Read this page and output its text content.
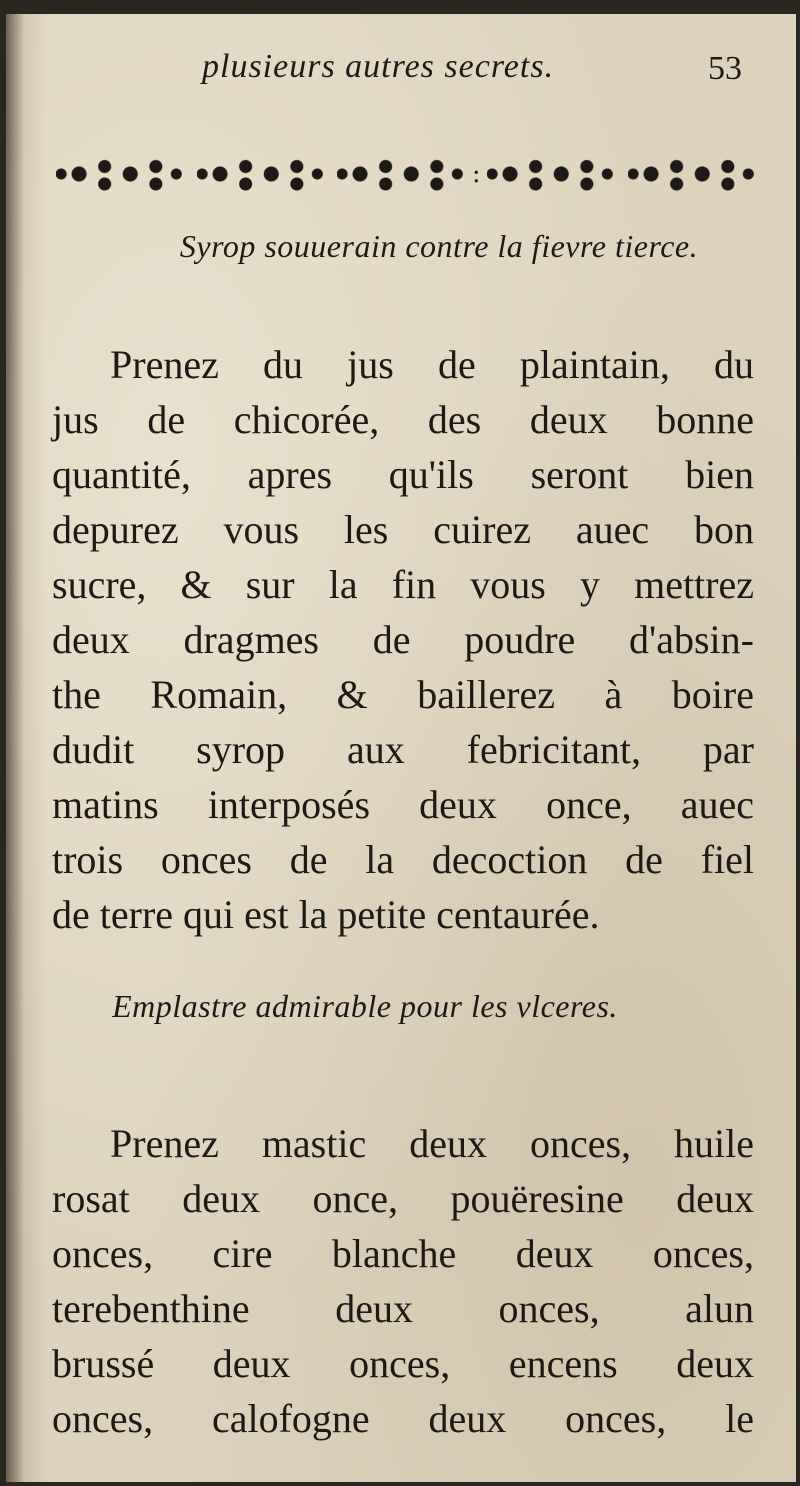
plusieurs autres secrets.	53
:
Syrop souuerain contre la fievre tierce.
Prenez du jus de plaintain, du
jus de chicorée, des deux bonne
quantité, apres qu'ils seront bien
depurez vous les cuirez auec bon
sucre, & sur la fin vous y mettrez
deux dragmes de poudre d'absin-
the Romain, & baillerez à boire
dudit syrop aux febricitant, par
matins interposés deux once, auec
trois onces de la decoction de fiel
de terre qui est la petite centaurée.
Emplastre admirable pour les vlceres.
Prenez mastic deux onces, huile
rosat deux once, pouëresine deux
onces, cire blanche deux onces,
terebenthine deux onces, alun
brussé deux onces, encens deux
onces, calofogne deux onces, le
